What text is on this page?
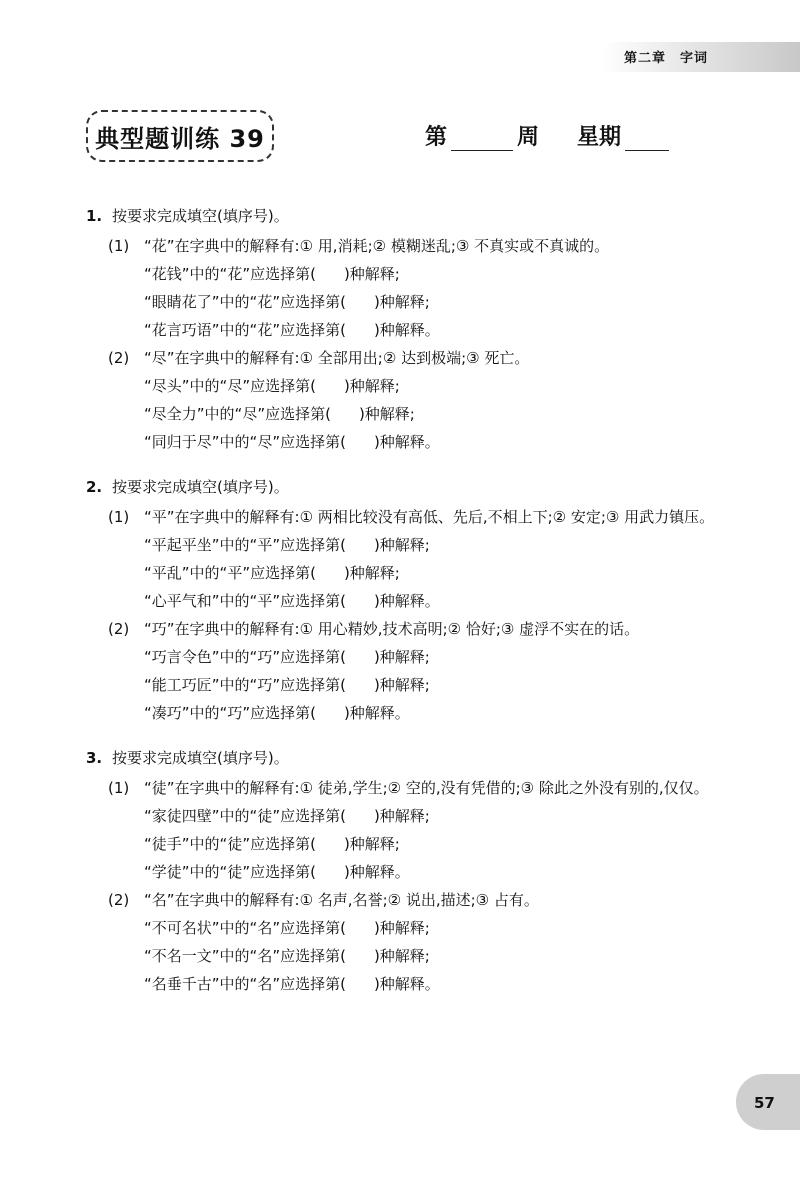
第二章　字词
典型题训练 39	第	周 星期
1. 按要求完成填空(填序号)。
(1) “花”在字典中的解释有:① 用,消耗;② 模糊迷乱;③ 不真实或不真诚的。
“花钱”中的“花”应选择第( )种解释;
“眼睛花了”中的“花”应选择第( )种解释;
“花言巧语”中的“花”应选择第( )种解释。
(2) “尽”在字典中的解释有:① 全部用出;② 达到极端;③ 死亡。
“尽头”中的“尽”应选择第( )种解释;
“尽全力”中的“尽”应选择第( )种解释;
“同归于尽”中的“尽”应选择第( )种解释。
2. 按要求完成填空(填序号)。
(1) “平”在字典中的解释有:① 两相比较没有高低、先后,不相上下;② 安定;③ 用武力镇压。
“平起平坐”中的“平”应选择第( )种解释;
“平乱”中的“平”应选择第( )种解释;
“心平气和”中的“平”应选择第( )种解释。
(2) “巧”在字典中的解释有:① 用心精妙,技术高明;② 恰好;③ 虚浮不实在的话。
“巧言令色”中的“巧”应选择第( )种解释;
“能工巧匠”中的“巧”应选择第( )种解释;
“凑巧”中的“巧”应选择第( )种解释。
3. 按要求完成填空(填序号)。
(1) “徒”在字典中的解释有:① 徒弟,学生;② 空的,没有凭借的;③ 除此之外没有别的,仅仅。
“家徒四壁”中的“徒”应选择第( )种解释;
“徒手”中的“徒”应选择第( )种解释;
“学徒”中的“徒”应选择第( )种解释。
(2) “名”在字典中的解释有:① 名声,名誉;② 说出,描述;③ 占有。
“不可名状”中的“名”应选择第( )种解释;
“不名一文”中的“名”应选择第( )种解释;
“名垂千古”中的“名”应选择第( )种解释。
57
